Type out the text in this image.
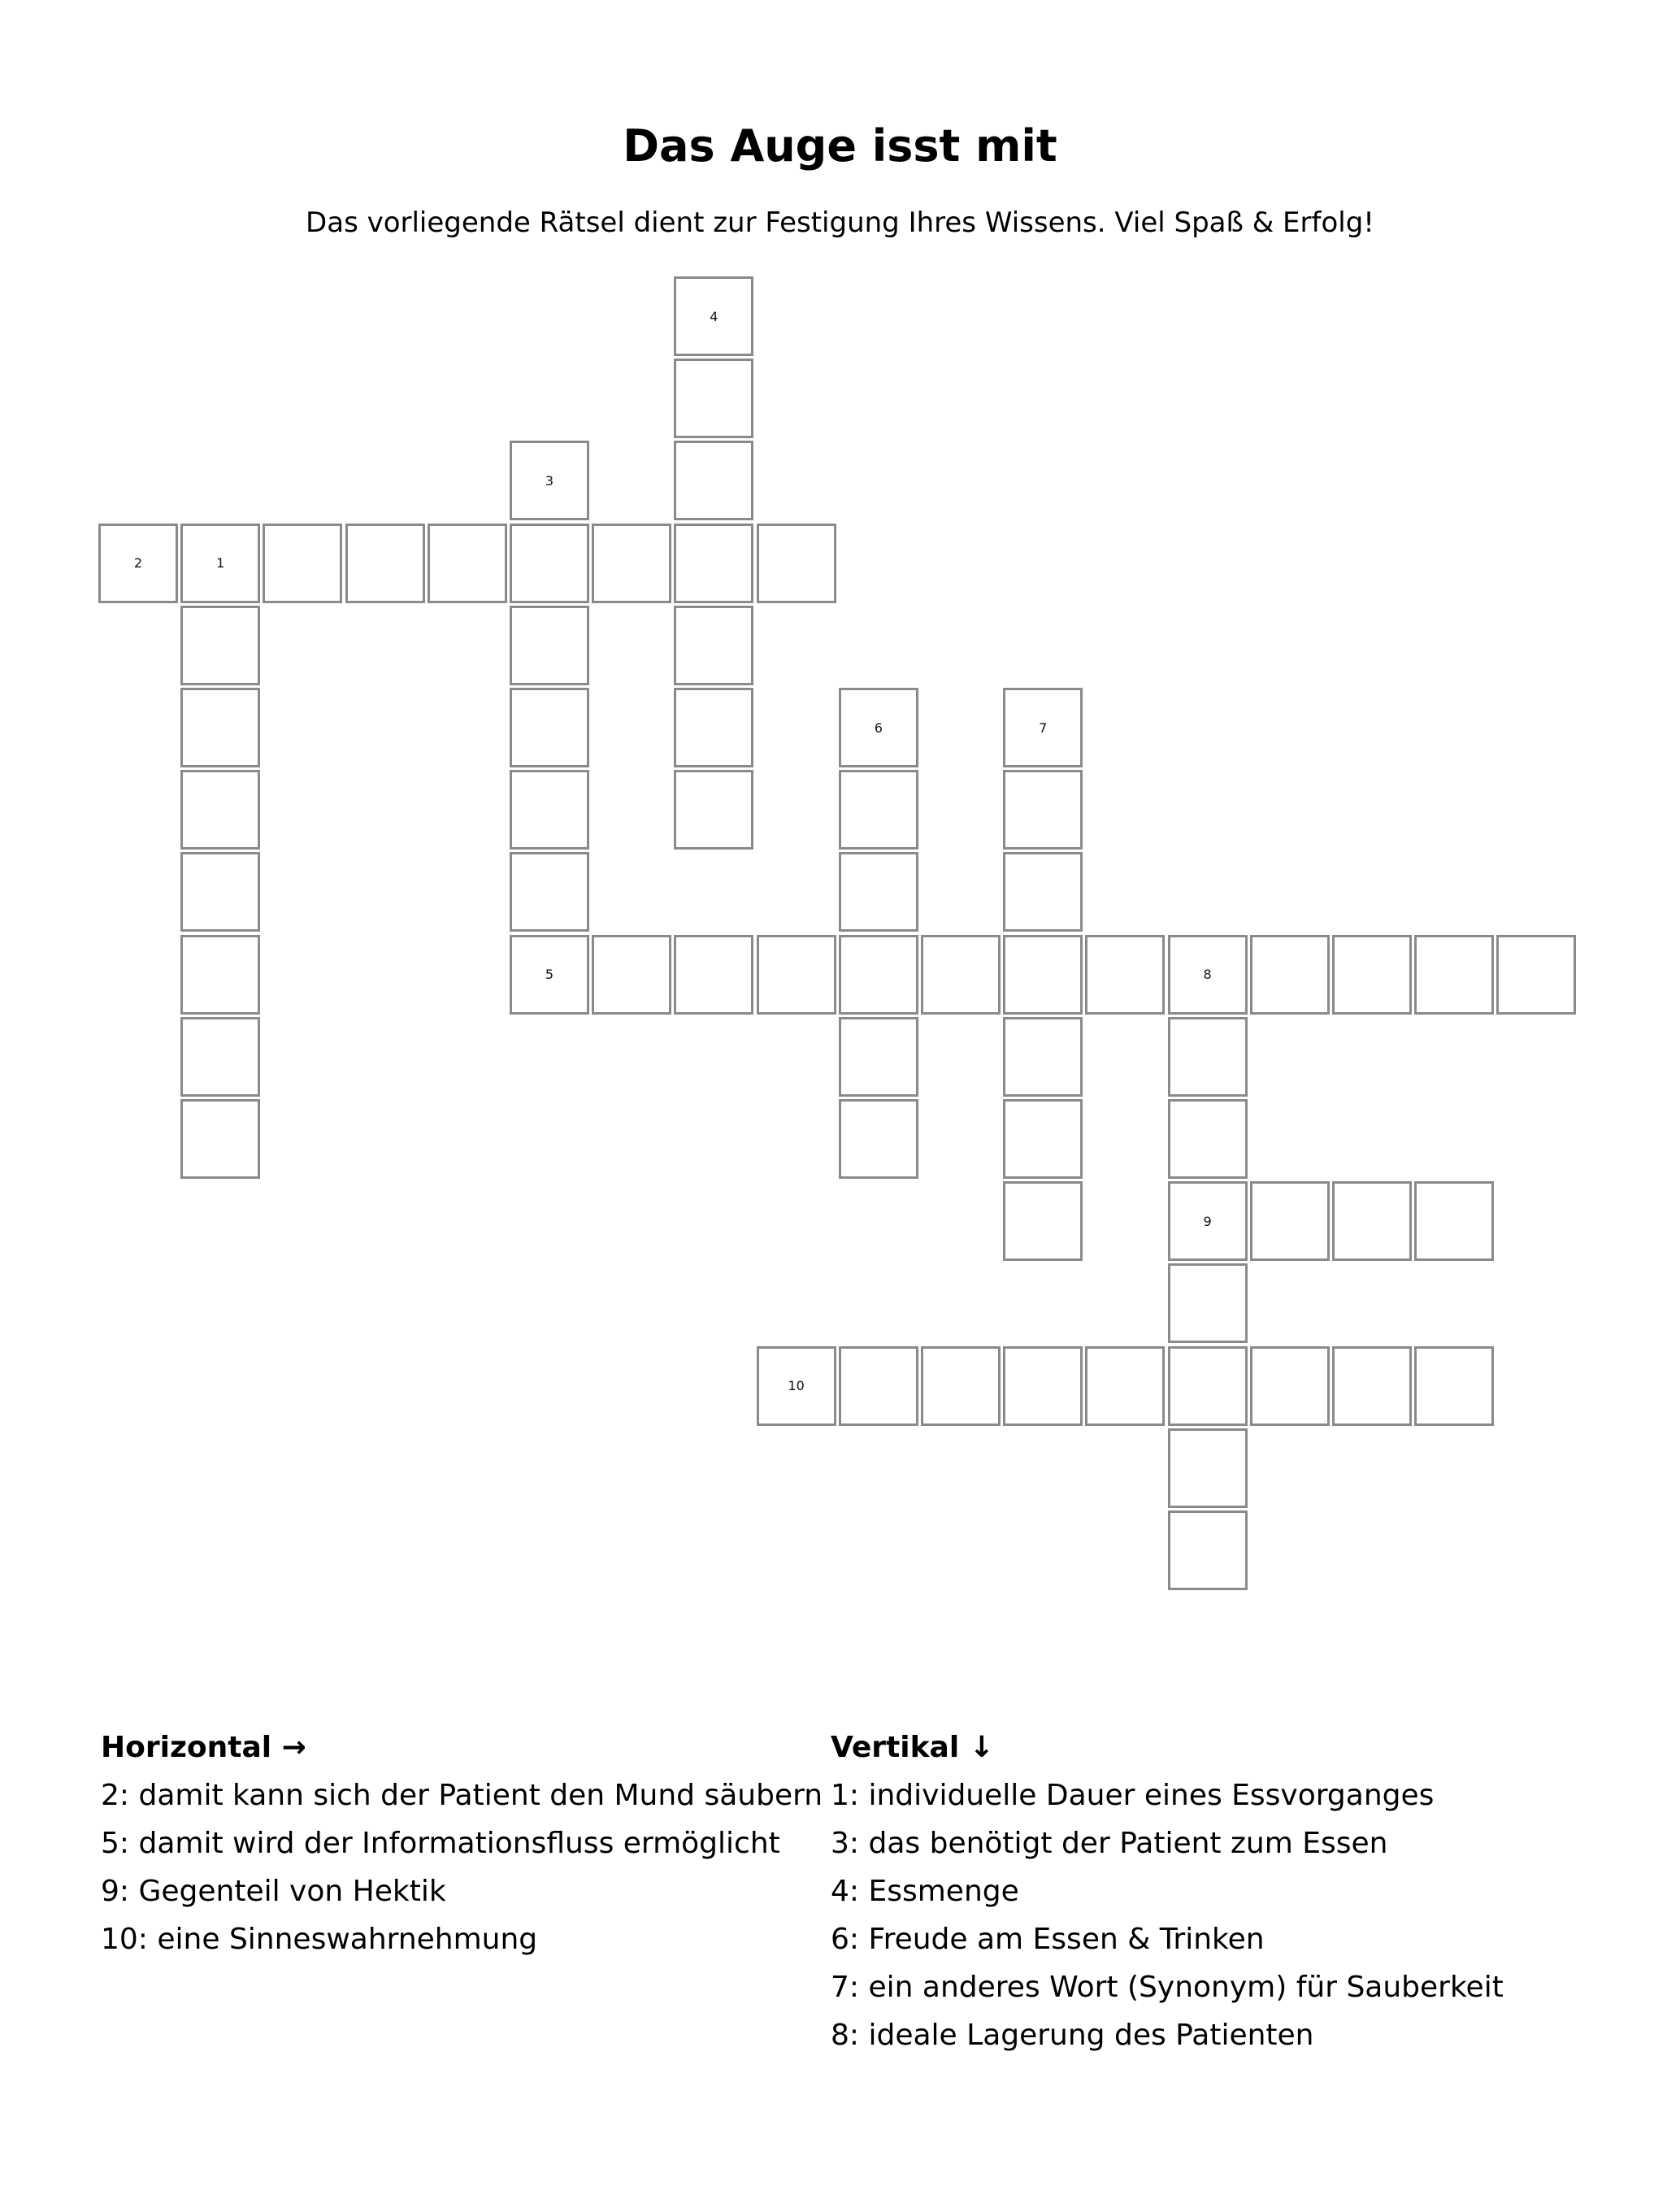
Das Auge isst mit

Das vorliegende Rätsel dient zur Festigung Ihres Wissens. Viel Spaß & Erfolg!

2	1
5	8
9
10
3
4
6	7
Horizontal →
2: damit kann sich der Patient den Mund säubern
5: damit wird der Informationsfluss ermöglicht
9: Gegenteil von Hektik
10: eine Sinneswahrnehmung
Vertikal ↓
1: individuelle Dauer eines Essvorganges
3: das benötigt der Patient zum Essen
4: Essmenge
6: Freude am Essen & Trinken
7: ein anderes Wort (Synonym) für Sauberkeit
8: ideale Lagerung des Patienten
